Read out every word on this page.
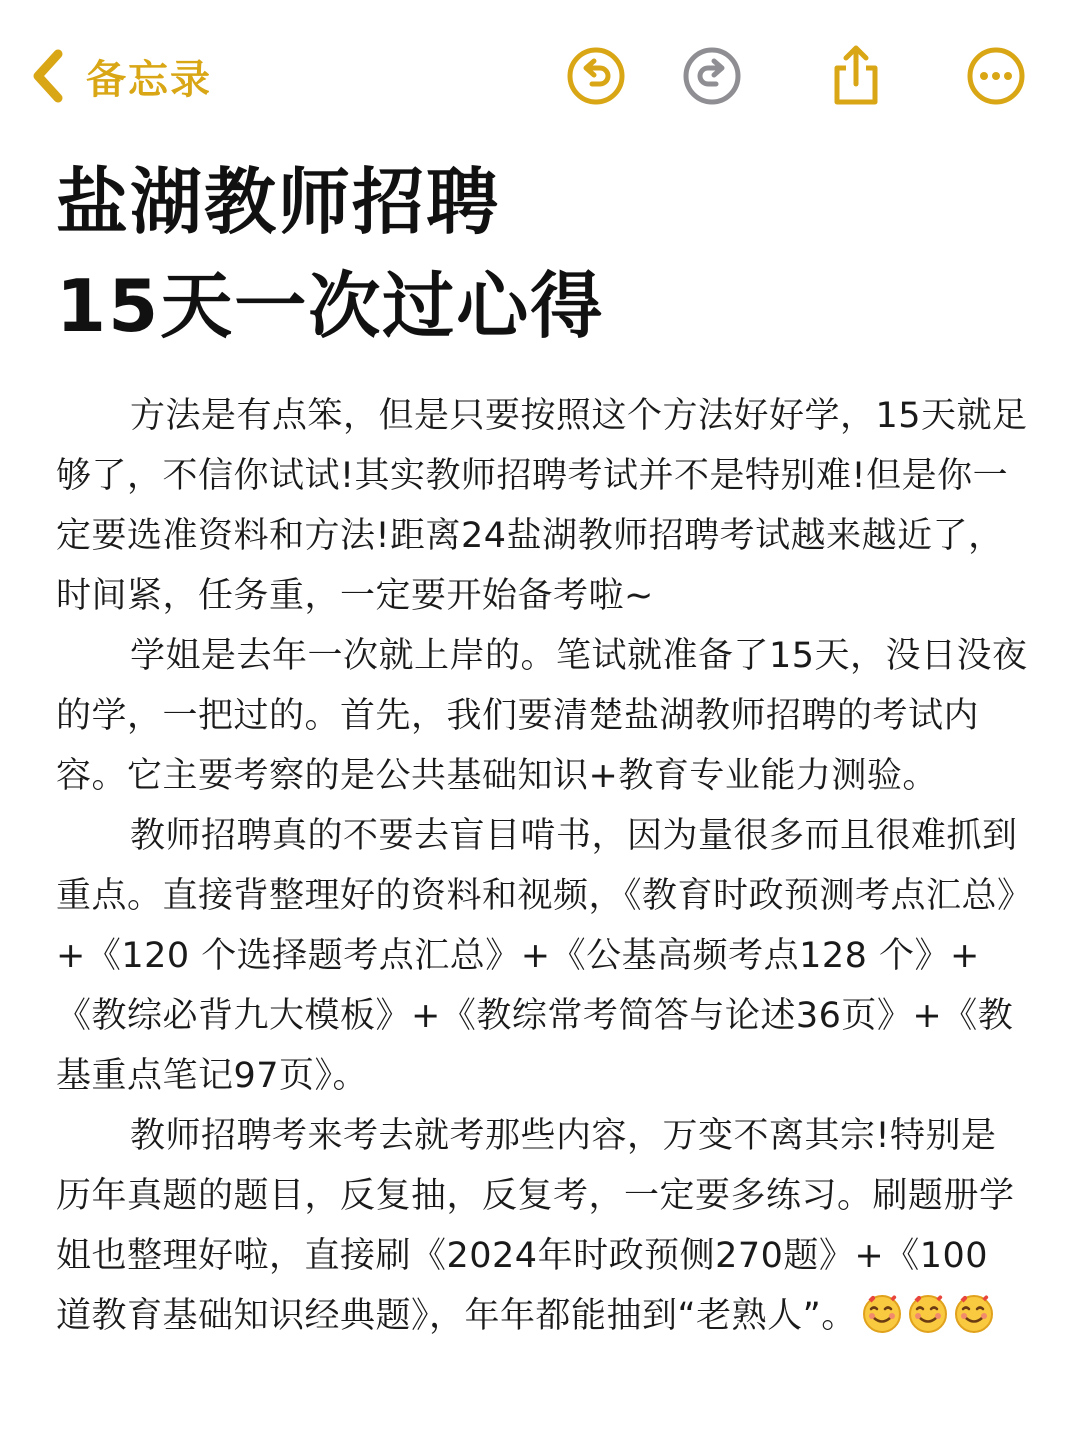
备忘录
盐湖教师招聘
15天一次过心得

方法是有点笨，但是只要按照这个方法好好学，15天就足够了，不信你试试!其实教师招聘考试并不是特别难!但是你一定要选准资料和方法!距离24盐湖教师招聘考试越来越近了，时间紧，任务重，一定要开始备考啦~

学姐是去年一次就上岸的。笔试就准备了15天，没日没夜的学，一把过的。首先，我们要清楚盐湖教师招聘的考试内容。它主要考察的是公共基础知识+教育专业能力测验。

教师招聘真的不要去盲目啃书，因为量很多而且很难抓到重点。直接背整理好的资料和视频，《教育时政预测考点汇总》+《120 个选择题考点汇总》+《公基高频考点128 个》+《教综必背九大模板》+《教综常考简答与论述36页》+《教基重点笔记97页》。

教师招聘考来考去就考那些内容，万变不离其宗!特别是历年真题的题目，反复抽，反复考，一定要多练习。刷题册学姐也整理好啦，直接刷《2024年时政预侧270题》+《100 道教育基础知识经典题》，年年都能抽到“老熟人”。
